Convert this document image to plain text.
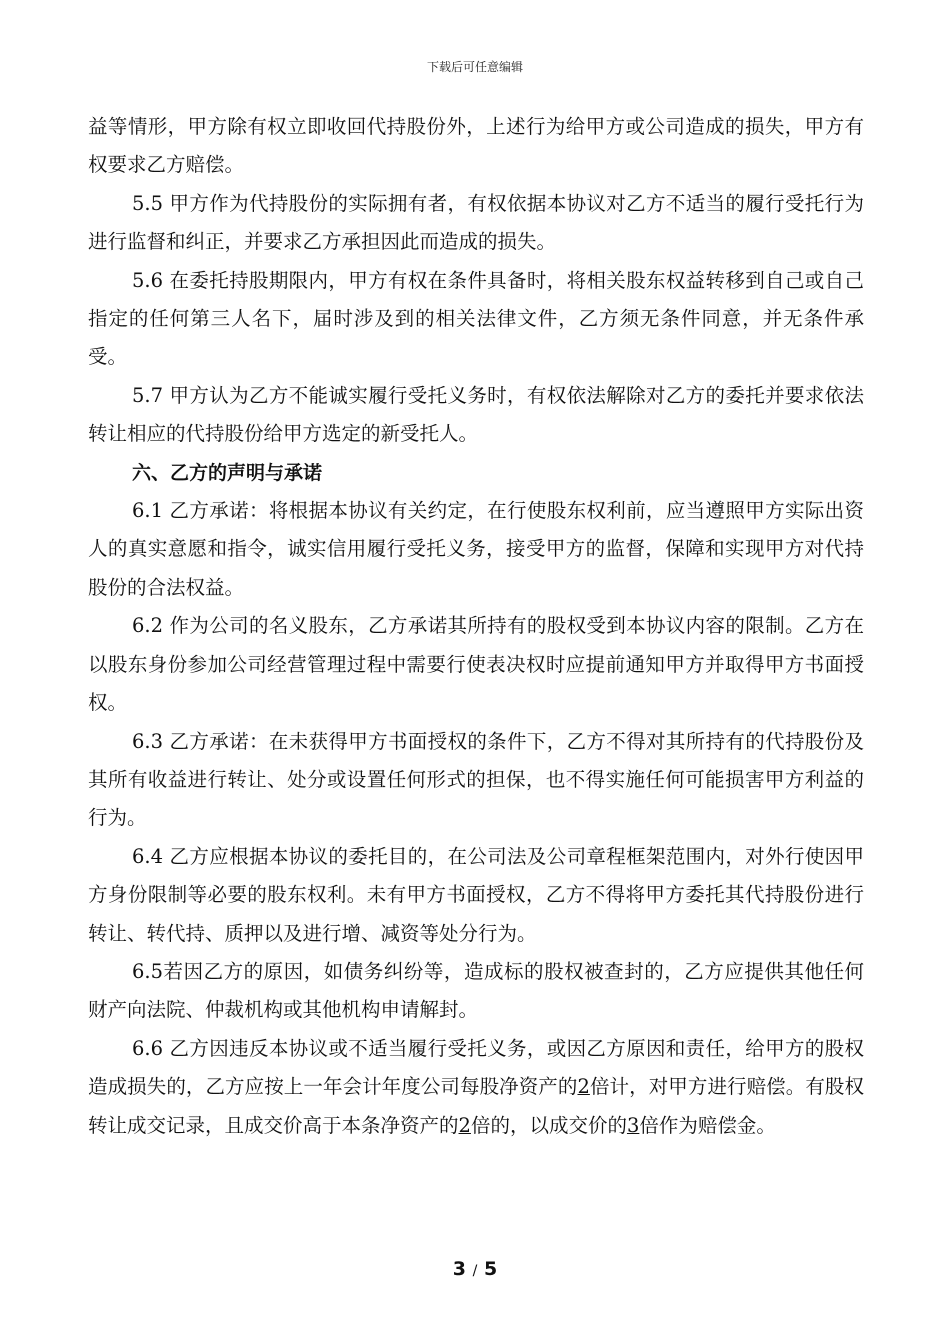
下载后可任意编辑

益等情形，甲方除有权立即收回代持股份外，上述行为给甲方或公司造成的损失，甲方有权要求乙方赔偿。

5.5 甲方作为代持股份的实际拥有者，有权依据本协议对乙方不适当的履行受托行为进行监督和纠正，并要求乙方承担因此而造成的损失。

5.6 在委托持股期限内，甲方有权在条件具备时，将相关股东权益转移到自己或自己指定的任何第三人名下，届时涉及到的相关法律文件，乙方须无条件同意，并无条件承受。

5.7 甲方认为乙方不能诚实履行受托义务时，有权依法解除对乙方的委托并要求依法转让相应的代持股份给甲方选定的新受托人。

六、乙方的声明与承诺

6.1 乙方承诺：将根据本协议有关约定，在行使股东权利前，应当遵照甲方实际出资人的真实意愿和指令，诚实信用履行受托义务，接受甲方的监督，保障和实现甲方对代持股份的合法权益。

6.2 作为公司的名义股东，乙方承诺其所持有的股权受到本协议内容的限制。乙方在以股东身份参加公司经营管理过程中需要行使表决权时应提前通知甲方并取得甲方书面授权。

6.3 乙方承诺：在未获得甲方书面授权的条件下，乙方不得对其所持有的代持股份及其所有收益进行转让、处分或设置任何形式的担保，也不得实施任何可能损害甲方利益的行为。

6.4 乙方应根据本协议的委托目的，在公司法及公司章程框架范围内，对外行使因甲方身份限制等必要的股东权利。未有甲方书面授权，乙方不得将甲方委托其代持股份进行转让、转代持、质押以及进行增、减资等处分行为。

6.5若因乙方的原因，如债务纠纷等，造成标的股权被查封的，乙方应提供其他任何财产向法院、仲裁机构或其他机构申请解封。

6.6 乙方因违反本协议或不适当履行受托义务，或因乙方原因和责任，给甲方的股权造成损失的，乙方应按上一年会计年度公司每股净资产的2倍计，对甲方进行赔偿。有股权转让成交记录，且成交价高于本条净资产的2倍的，以成交价的3倍作为赔偿金。

3 / 5
